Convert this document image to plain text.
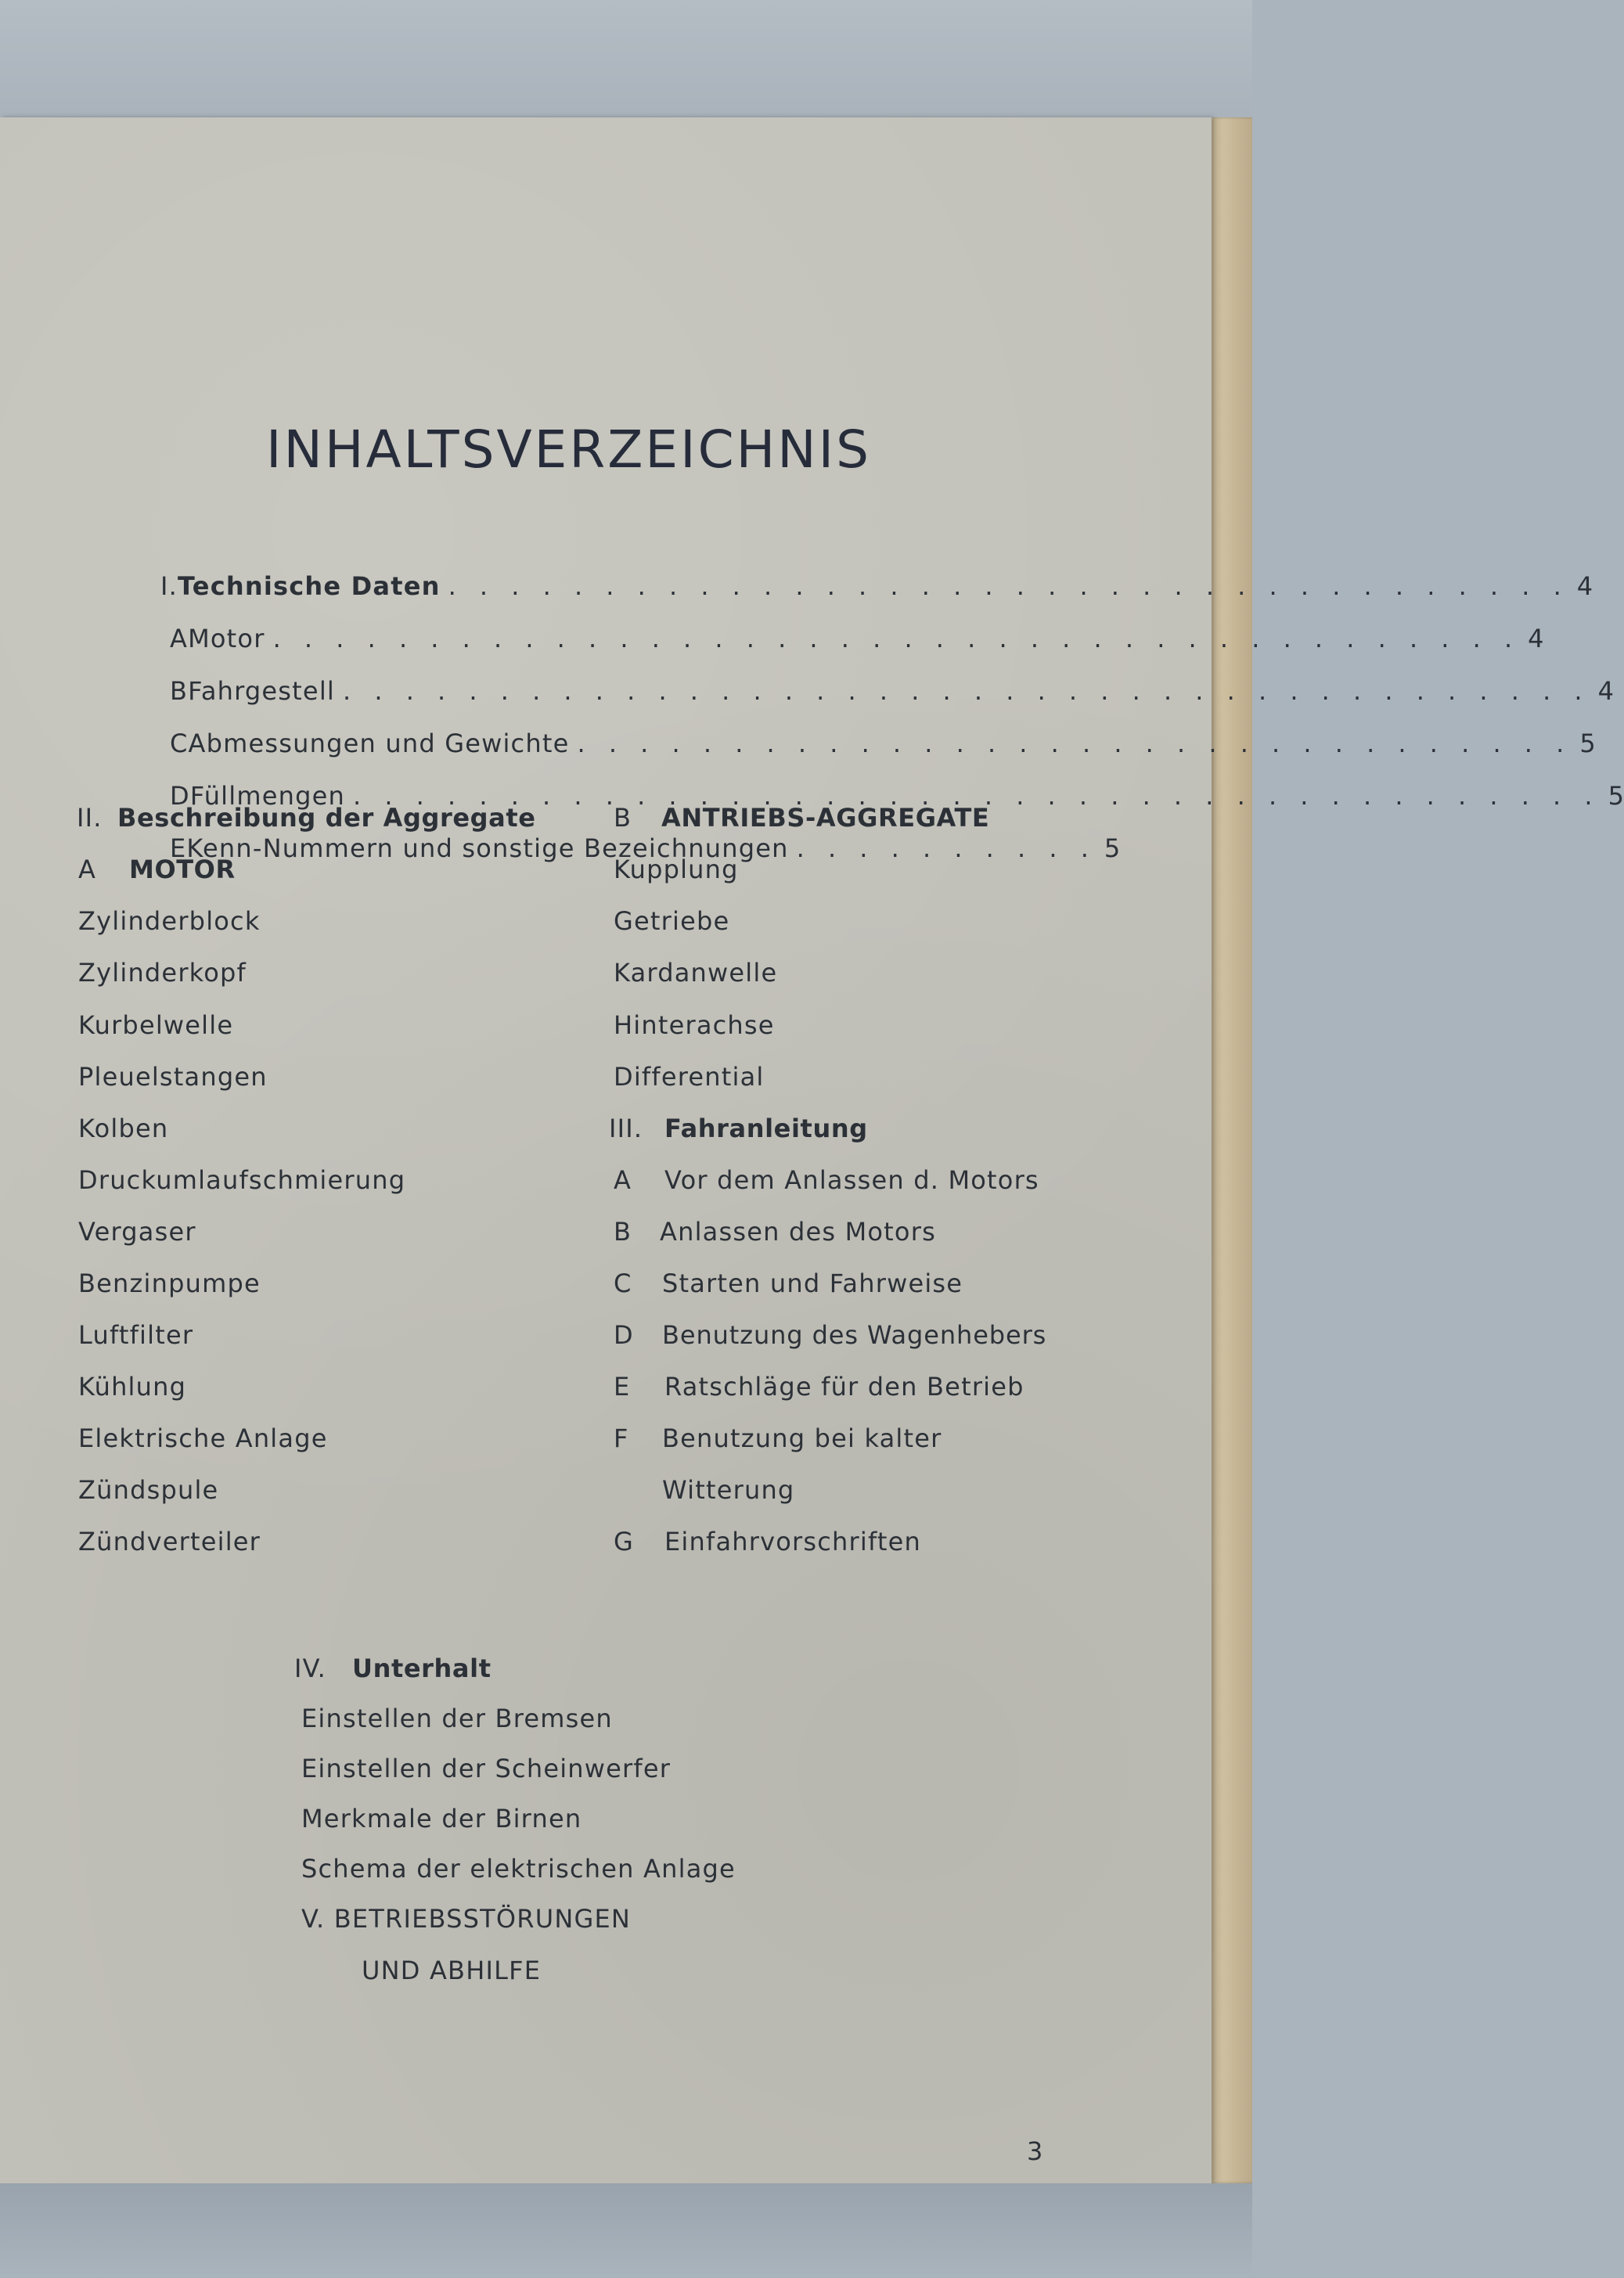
INHALTSVERZEICHNIS
I. Technische Daten . . . . . . . . . . . . . . . . . . . . . . . . . . . . . . . . . . . . 4
A Motor . . . . . . . . . . . . . . . . . . . . . . . . . . . . . . . . . . . . . . . . 4
B Fahrgestell . . . . . . . . . . . . . . . . . . . . . . . . . . . . . . . . . . . . . . . . 4
C Abmessungen und Gewichte . . . . . . . . . . . . . . . . . . . . . . . . . . . . . . . . 5
D Füllmengen . . . . . . . . . . . . . . . . . . . . . . . . . . . . . . . . . . . . . . . . 5
E Kenn-Nummern und sonstige Bezeichnungen . . . . . . . . . . 5
II. Beschreibung der Aggregate
A MOTOR
Zylinderblock
Zylinderkopf
Kurbelwelle
Pleuelstangen
Kolben
Druckumlaufschmierung
Vergaser
Benzinpumpe
Luftfilter
Kühlung
Elektrische Anlage
Zündspule
Zündverteiler
B ANTRIEBS-AGGREGATE
Kupplung
Getriebe
Kardanwelle
Hinterachse
Differential
III. Fahranleitung
A Vor dem Anlassen d. Motors
B Anlassen des Motors
C Starten und Fahrweise
D Benutzung des Wagenhebers
E Ratschläge für den Betrieb
F Benutzung bei kalter
Witterung
G Einfahrvorschriften
IV. Unterhalt
Einstellen der Bremsen
Einstellen der Scheinwerfer
Merkmale der Birnen
Schema der elektrischen Anlage
V. BETRIEBSSTÖRUNGEN
UND ABHILFE
3
